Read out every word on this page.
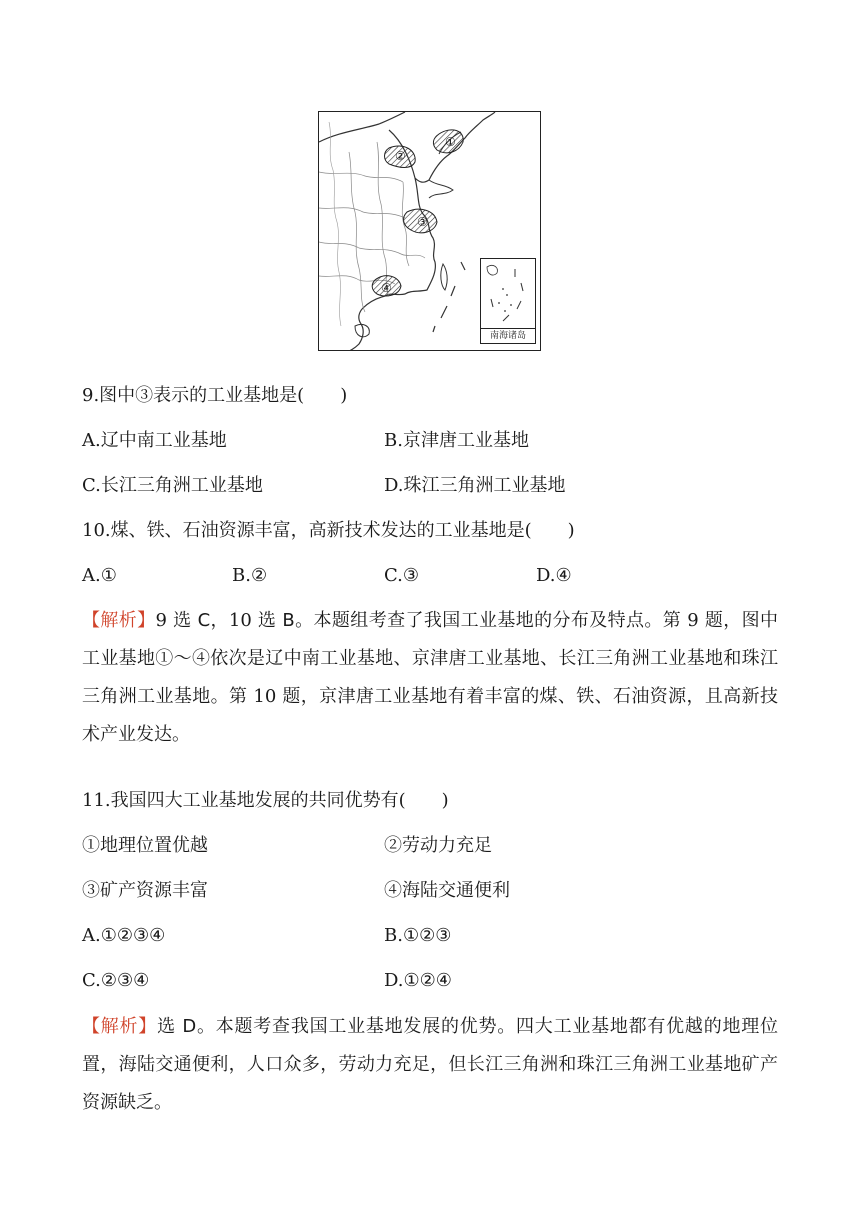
①
②
③
④
南海诸岛
9.图中③表示的工业基地是(　　)
A.辽中南工业基地	B.京津唐工业基地
C.长江三角洲工业基地	D.珠江三角洲工业基地
10.煤、铁、石油资源丰富，高新技术发达的工业基地是(　　)
A.①	B.②	C.③	D.④
【解析】9 选 C，10 选 B。本题组考查了我国工业基地的分布及特点。第 9 题，图中工业基地①～④依次是辽中南工业基地、京津唐工业基地、长江三角洲工业基地和珠江三角洲工业基地。第 10 题，京津唐工业基地有着丰富的煤、铁、石油资源，且高新技术产业发达。
11.我国四大工业基地发展的共同优势有(　　)
①地理位置优越	②劳动力充足
③矿产资源丰富	④海陆交通便利
A.①②③④	B.①②③
C.②③④	D.①②④
【解析】选 D。本题考查我国工业基地发展的优势。四大工业基地都有优越的地理位置，海陆交通便利，人口众多，劳动力充足，但长江三角洲和珠江三角洲工业基地矿产资源缺乏。
